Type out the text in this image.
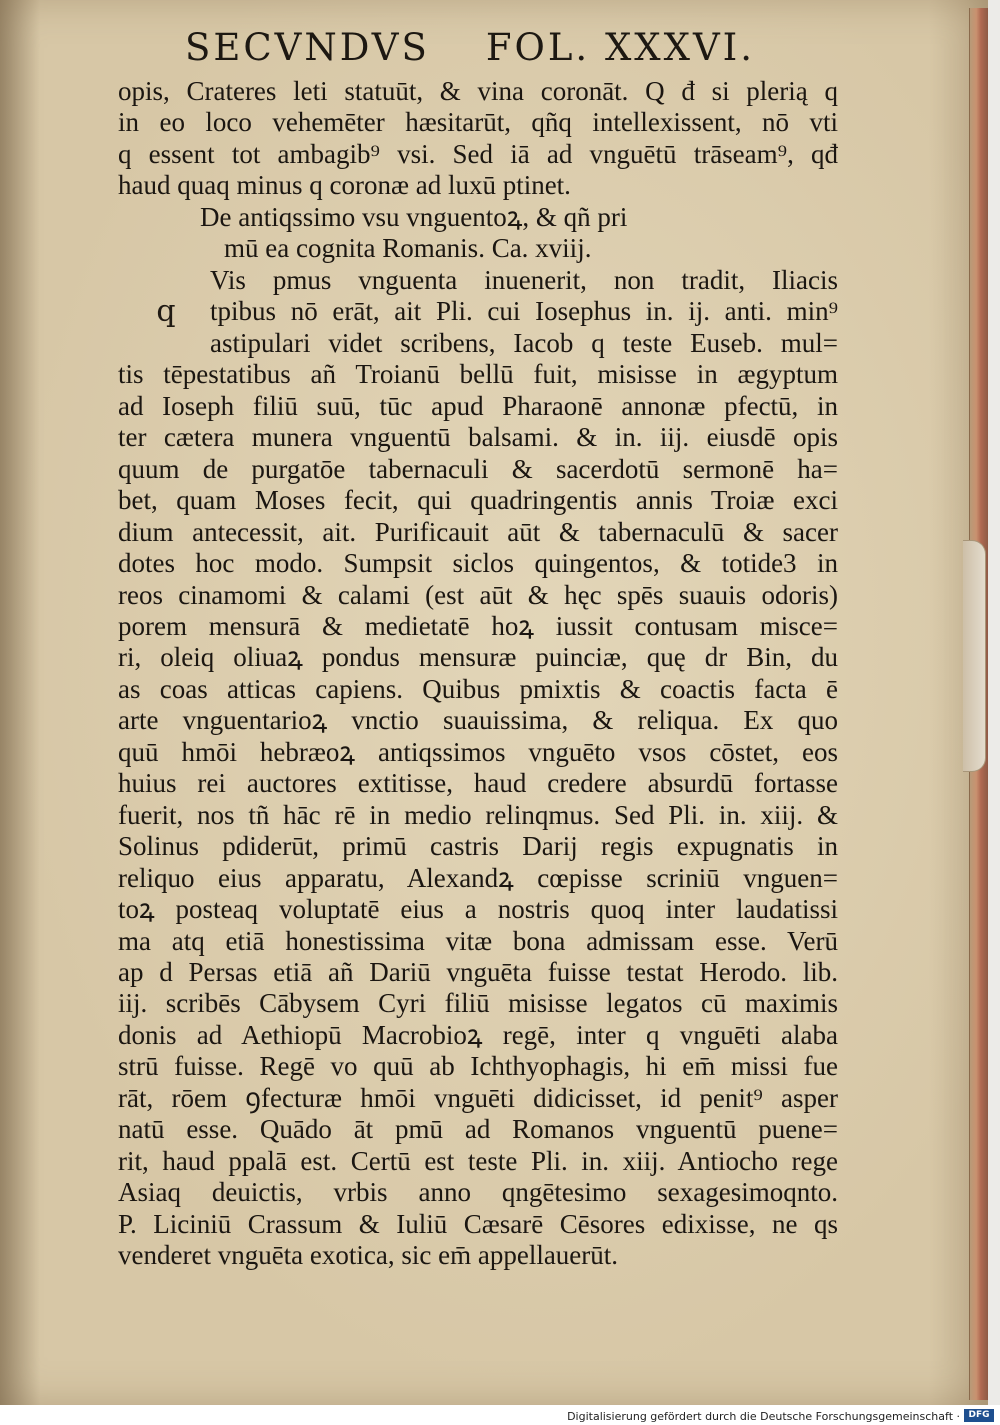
SECVNDVS FOL. XXXVI.
opis, Crateres leti statuūt, & vina coronāt. Q đ si plerią q
in eo loco vehemēter hæsitarūt, qñq intellexissent, nō vti
q essent tot ambagib⁹ vsi. Sed iā ad vnguētū trāseam⁹, qđ
haud quaq minus q coronæ ad luxū ptinet.
De antiqssimo vsu vnguentoꝝ, & qñ pri
mū ea cognita Romanis. Ca. xviij.
q
Vis pmus vnguenta inuenerit, non tradit, Iliacis
tpibus nō erāt, ait Pli. cui Iosephus in. ij. anti. min⁹
astipulari videt scribens, Iacob q teste Euseb. mul=
tis tēpestatibus añ Troianū bellū fuit, misisse in ægyptum
ad Ioseph filiū suū, tūc apud Pharaonē annonæ pfectū, in
ter cætera munera vnguentū balsami. & in. iij. eiusdē opis
quum de purgatōe tabernaculi & sacerdotū sermonē ha=
bet, quam Moses fecit, qui quadringentis annis Troiæ exci
dium antecessit, ait. Purificauit aūt & tabernaculū & sacer
dotes hoc modo. Sumpsit siclos quingentos, & totide3 in
reos cinamomi & calami (est aūt & hęc spēs suauis odoris)
porem mensurā & medietatē hoꝝ iussit contusam misce=
ri, oleiq oliuaꝝ pondus mensuræ puinciæ, quę dr Bin, du
as coas atticas capiens. Quibus pmixtis & coactis facta ē
arte vnguentarioꝝ vnctio suauissima, & reliqua. Ex quo
quū hmōi hebræoꝝ antiqssimos vnguēto vsos cōstet, eos
huius rei auctores extitisse, haud credere absurdū fortasse
fuerit, nos tñ hāc rē in medio relinqmus. Sed Pli. in. xiij. &
Solinus pdiderūt, primū castris Darij regis expugnatis in
reliquo eius apparatu, Alexandꝝ cœpisse scriniū vnguen=
toꝝ posteaq voluptatē eius a nostris quoq inter laudatissi
ma atq etiā honestissima vitæ bona admissam esse. Verū
ap d Persas etiā añ Dariū vnguēta fuisse testat Herodo. lib.
iij. scribēs Cābysem Cyri filiū misisse legatos cū maximis
donis ad Aethiopū Macrobioꝝ regē, inter q vnguēti alaba
strū fuisse. Regē vo quū ab Ichthyophagis, hi em̄ missi fue
rāt, rōem ꝯfecturæ hmōi vnguēti didicisset, id penit⁹ asper
natū esse. Quādo āt pmū ad Romanos vnguentū puene=
rit, haud ppalā est. Certū est teste Pli. in. xiij. Antiocho rege
Asiaq deuictis, vrbis anno qngētesimo sexagesimoqnto.
P. Liciniū Crassum & Iuliū Cæsarē Cēsores edixisse, ne qs
venderet vnguēta exotica, sic em̄ appellauerūt.
Digitalisierung gefördert durch die Deutsche Forschungsgemeinschaft · DFG
